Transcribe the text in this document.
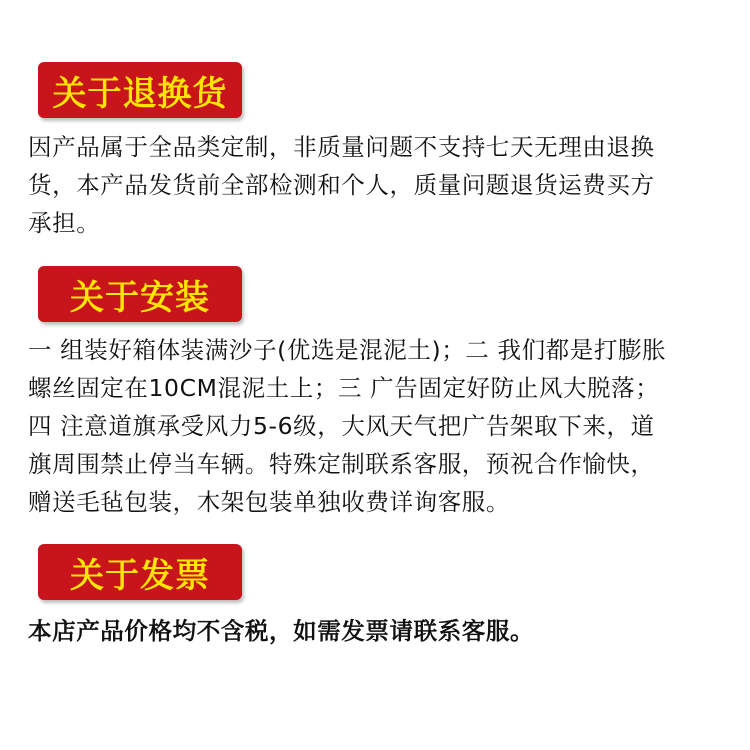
关于退换货
因产品属于全品类定制，非质量问题不支持七天无理由退换
货，本产品发货前全部检测和个人，质量问题退货运费买方
承担。
关于安装
一 组装好箱体装满沙子(优选是混泥土)；二 我们都是打膨胀
螺丝固定在10CM混泥土上；三 广告固定好防止风大脱落；
四 注意道旗承受风力5-6级，大风天气把广告架取下来，道
旗周围禁止停当车辆。特殊定制联系客服，预祝合作愉快，
赠送毛毡包装，木架包装单独收费详询客服。
关于发票
本店产品价格均不含税，如需发票请联系客服。
